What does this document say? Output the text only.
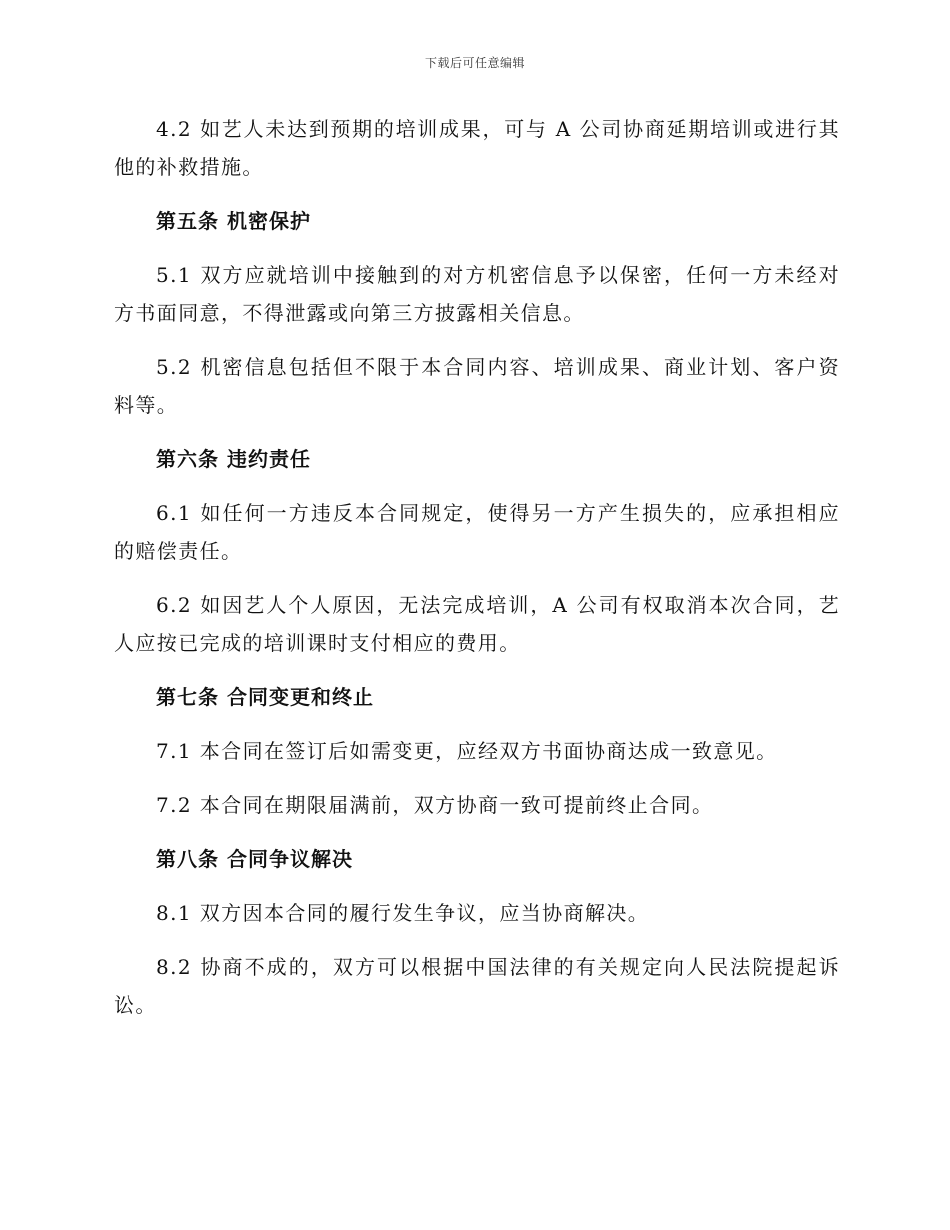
下载后可任意编辑

4.2 如艺人未达到预期的培训成果，可与 A 公司协商延期培训或进行其他的补救措施。

第五条 机密保护

5.1 双方应就培训中接触到的对方机密信息予以保密，任何一方未经对方书面同意，不得泄露或向第三方披露相关信息。

5.2 机密信息包括但不限于本合同内容、培训成果、商业计划、客户资料等。

第六条 违约责任

6.1 如任何一方违反本合同规定，使得另一方产生损失的，应承担相应的赔偿责任。

6.2 如因艺人个人原因，无法完成培训，A 公司有权取消本次合同，艺人应按已完成的培训课时支付相应的费用。

第七条 合同变更和终止

7.1 本合同在签订后如需变更，应经双方书面协商达成一致意见。

7.2 本合同在期限届满前，双方协商一致可提前终止合同。

第八条 合同争议解决

8.1 双方因本合同的履行发生争议，应当协商解决。

8.2 协商不成的，双方可以根据中国法律的有关规定向人民法院提起诉讼。
